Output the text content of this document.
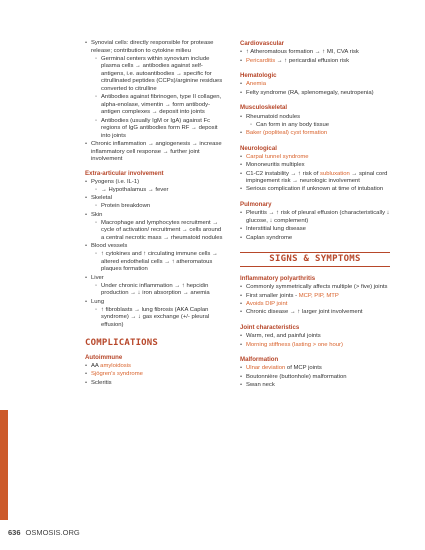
• Synovial cells: directly responsible for protease release; contribution to cytokine milieu
◦ Germinal centers within synovium include plasma cells → antibodies against self-antigens, i.e. autoantibodies → specific for citrullinated peptides (CCPs)/arginine residues converted to citrulline
◦ Antibodies against fibrinogen, type II collagen, alpha-enolase, vimentin → form antibody-antigen complexes → deposit into joints
◦ Antibodies (usually IgM or IgA) against Fc regions of IgG antibodies form RF → deposit into joints
• Chronic inflammation → angiogenesis → increase inflammatory cell response → further joint involvement
Extra-articular involvement
• Pyogens (i.e. IL-1)
◦ → Hypothalamus → fever
• Skeletal
◦ Protein breakdown
• Skin
◦ Macrophage and lymphocytes recruitment → cycle of activation/ recruitment → cells around a central necrotic mass → rheumatoid nodules
• Blood vessels
◦ ↑ cytokines and ↑ circulating immune cells → altered endothelial cells → ↑ atheromatous plaques formation
• Liver
◦ Under chronic inflammation → ↑ hepcidin production → ↓ iron absorption → anemia
• Lung
◦ ↑ fibroblasts → lung fibrosis (AKA Caplan syndrome) → ↓ gas exchange (+/- pleural effusion)
COMPLICATIONS
Autoimmune
• AA amyloidosis
• Sjögren's syndrome
• Scleritis
Cardiovascular
• ↑ Atheromatous formation → ↑ MI, CVA risk
• Pericarditis → ↑ pericardial effusion risk
Hematologic
• Anemia
• Felty syndrome (RA, splenomegaly, neutropenia)
Musculoskeletal
• Rheumatoid nodules
◦ Can form in any body tissue
• Baker (popliteal) cyst formation
Neurological
• Carpal tunnel syndrome
• Mononeuritis multiplex
• C1-C2 instability → ↑ risk of subluxation → spinal cord impingement risk → neurologic involvement
• Serious complication if unknown at time of intubation
Pulmonary
• Pleuritis → ↑ risk of pleural effusion (characteristically ↓ glucose, ↓ complement)
• Interstitial lung disease
• Caplan syndrome
SIGNS & SYMPTOMS
Inflammatory polyarthritis
• Commonly symmetrically affects multiple (> five) joints
• First smaller joints - MCP, PIP, MTP
• Avoids DIP joint
• Chronic disease → ↑ larger joint involvement
Joint characteristics
• Warm, red, and painful joints
• Morning stiffness (lasting > one hour)
Malformation
• Ulnar deviation of MCP joints
• Boutonnière (buttonhole) malformation
• Swan neck
636 OSMOSIS.ORG
